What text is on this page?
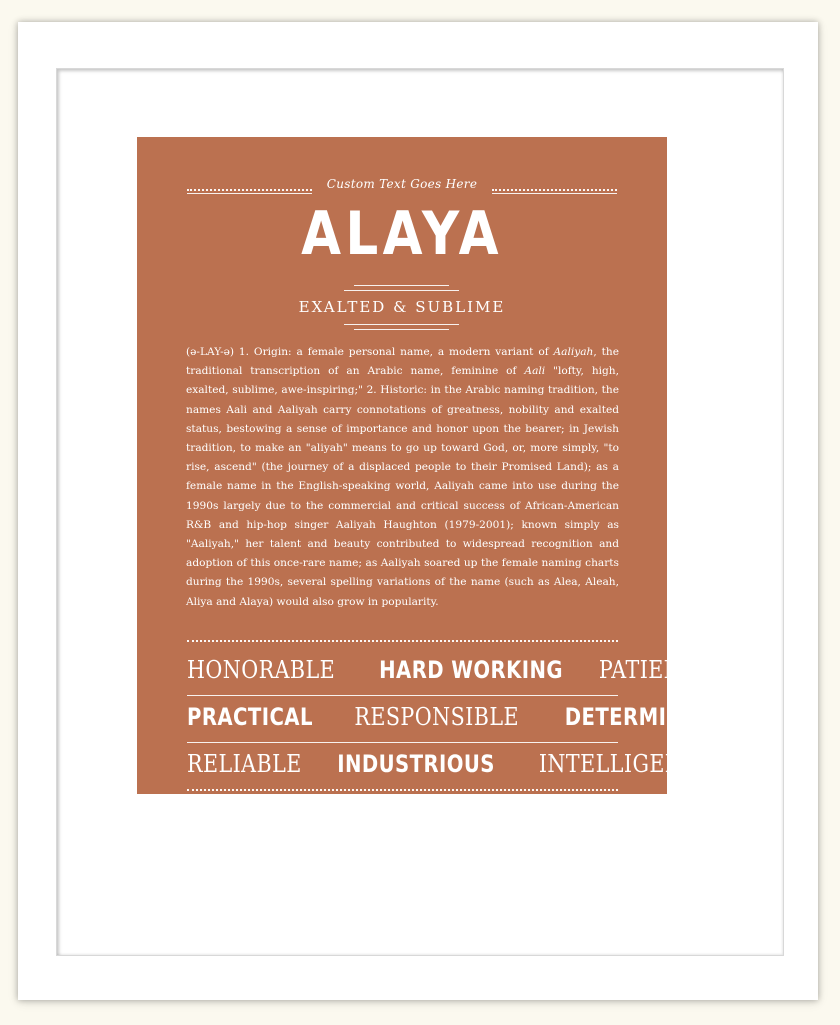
Custom Text Goes Here
ALAYA
EXALTED & SUBLIME
(ə-LAY-ə) 1. Origin: a female personal name, a modern variant of Aaliyah, the traditional transcription of an Arabic name, feminine of Aali "lofty, high, exalted, sublime, awe-inspiring;" 2. Historic: in the Arabic naming tradition, the names Aali and Aaliyah carry connotations of greatness, nobility and exalted status, bestowing a sense of importance and honor upon the bearer; in Jewish tradition, to make an "aliyah" means to go up toward God, or, more simply, "to rise, ascend" (the journey of a displaced people to their Promised Land); as a female name in the English-speaking world, Aaliyah came into use during the 1990s largely due to the commercial and critical success of African-American R&B and hip-hop singer Aaliyah Haughton (1979-2001); known simply as "Aaliyah," her talent and beauty contributed to widespread recognition and adoption of this once-rare name; as Aaliyah soared up the female naming charts during the 1990s, several spelling variations of the name (such as Alea, Aleah, Aliya and Alaya) would also grow in popularity.
HONORABLE HARD WORKING PATIENT
PRACTICAL RESPONSIBLE DETERMINED
RELIABLE INDUSTRIOUS INTELLIGENT
